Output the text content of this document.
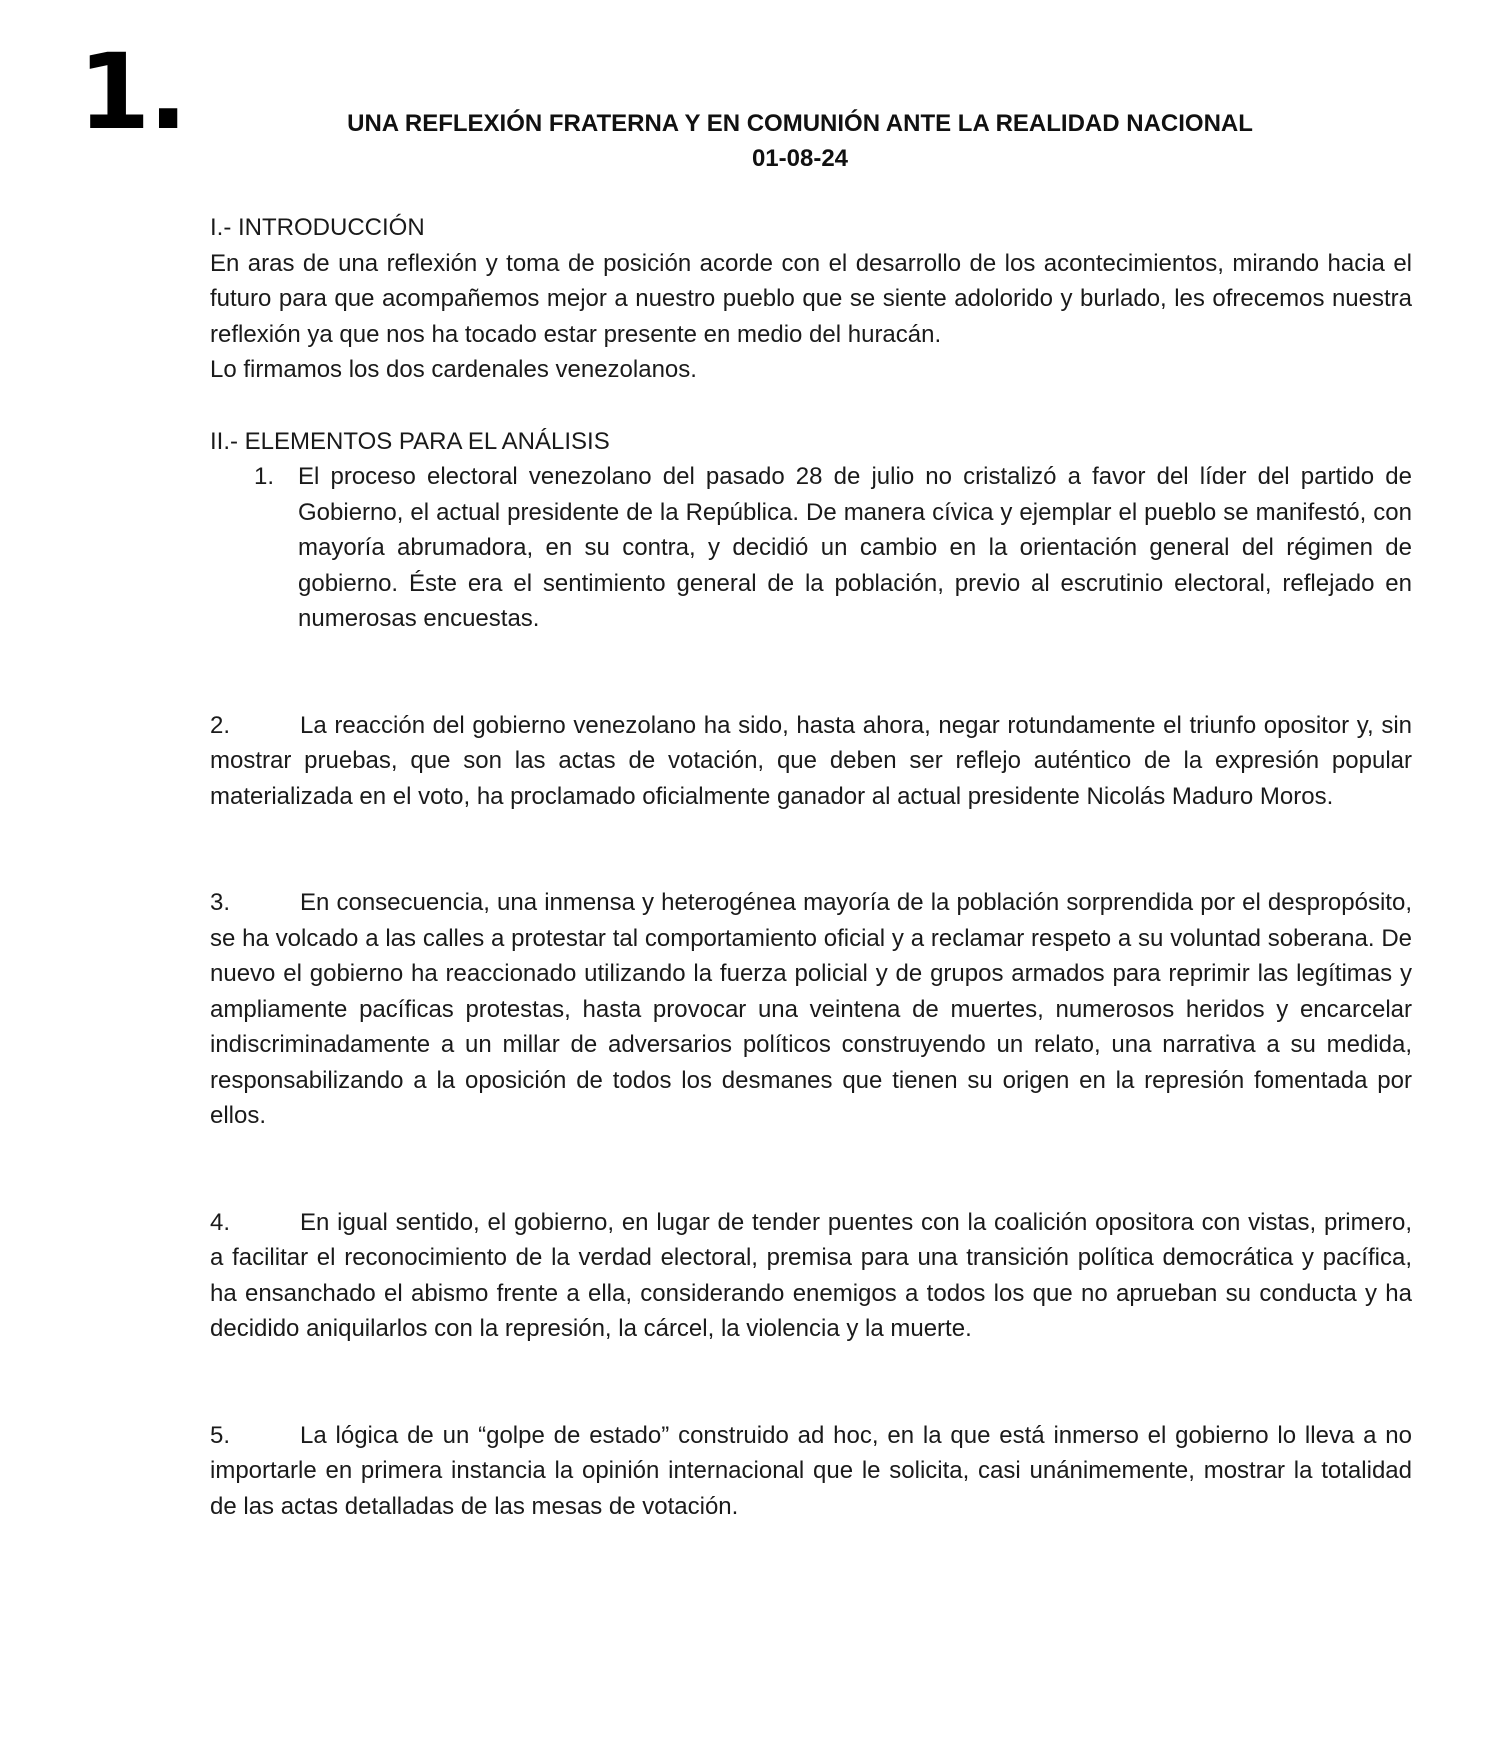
1.	UNA REFLEXIÓN FRATERNA Y EN COMUNIÓN ANTE LA REALIDAD NACIONAL
01-08-24

I.- INTRODUCCIÓN

En aras de una reflexión y toma de posición acorde con el desarrollo de los acontecimientos, mirando hacia el futuro para que acompañemos mejor a nuestro pueblo que se siente adolorido y burlado, les ofrecemos nuestra reflexión ya que nos ha tocado estar presente en medio del huracán.

Lo firmamos los dos cardenales venezolanos.

II.- ELEMENTOS PARA EL ANÁLISIS

1. El proceso electoral venezolano del pasado 28 de julio no cristalizó a favor del líder del partido de Gobierno, el actual presidente de la República. De manera cívica y ejemplar el pueblo se manifestó, con mayoría abrumadora, en su contra, y decidió un cambio en la orientación general del régimen de gobierno. Éste era el sentimiento general de la población, previo al escrutinio electoral, reflejado en numerosas encuestas.

2.	La reacción del gobierno venezolano ha sido, hasta ahora, negar rotundamente el triunfo opositor y, sin mostrar pruebas, que son las actas de votación, que deben ser reflejo auténtico de la expresión popular materializada en el voto, ha proclamado oficialmente ganador al actual presidente Nicolás Maduro Moros.

3.	En consecuencia, una inmensa y heterogénea mayoría de la población sorprendida por el despropósito, se ha volcado a las calles a protestar tal comportamiento oficial y a reclamar respeto a su voluntad soberana. De nuevo el gobierno ha reaccionado utilizando la fuerza policial y de grupos armados para reprimir las legítimas y ampliamente pacíficas protestas, hasta provocar una veintena de muertes, numerosos heridos y encarcelar indiscriminadamente a un millar de adversarios políticos construyendo un relato, una narrativa a su medida, responsabilizando a la oposición de todos los desmanes que tienen su origen en la represión fomentada por ellos.

4.	En igual sentido, el gobierno, en lugar de tender puentes con la coalición opositora con vistas, primero, a facilitar el reconocimiento de la verdad electoral, premisa para una transición política democrática y pacífica, ha ensanchado el abismo frente a ella, considerando enemigos a todos los que no aprueban su conducta y ha decidido aniquilarlos con la represión, la cárcel, la violencia y la muerte.

5.	La lógica de un “golpe de estado” construido ad hoc, en la que está inmerso el gobierno lo lleva a no importarle en primera instancia la opinión internacional que le solicita, casi unánimemente, mostrar la totalidad de las actas detalladas de las mesas de votación.
